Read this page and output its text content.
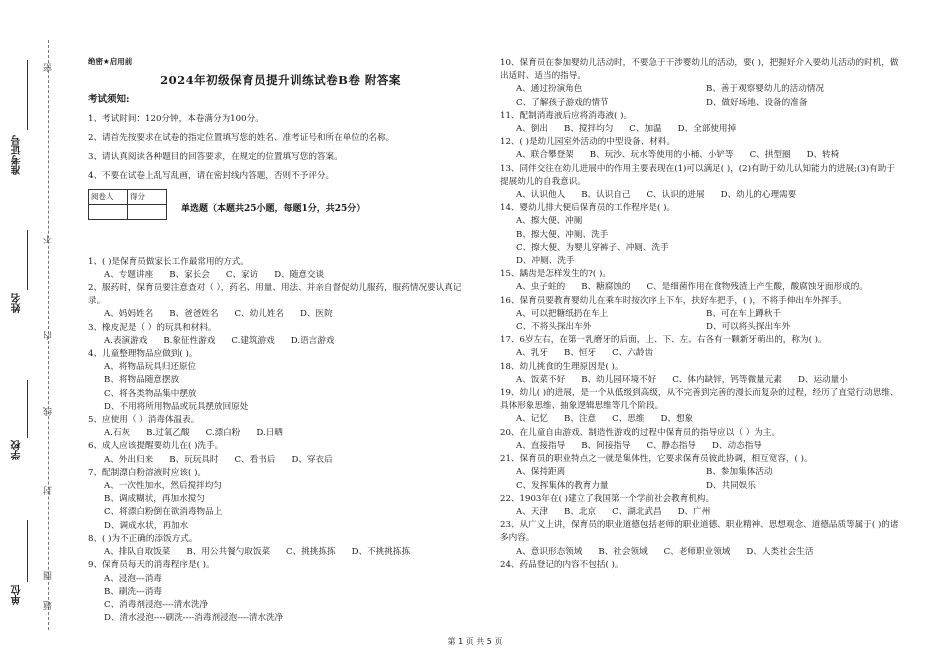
密
不
内
线
封
圈
题
准考证号
姓名
学校
单位
绝密★启用前
2024年初级保育员提升训练试卷B卷 附答案
考试须知:
1、考试时间：120分钟，本卷满分为100分。
2、请首先按要求在试卷的指定位置填写您的姓名、准考证号和所在单位的名称。
3、请认真阅读各种题目的回答要求，在规定的位置填写您的答案。
4、不要在试卷上乱写乱画，请在密封线内答题，否则不予评分。
阅卷人	得分

单选题（本题共25小题，每题1分，共25分）
1、( )是保育员做家长工作最常用的方式。
A、专题讲座 B、家长会 C、家访 D、随意交谈
2、服药时，保育员要注意查对（ ），药名、用量、用法、并亲自督促幼儿服药，服药情况要认真记录。
A、妈妈姓名 B、爸爸姓名 C、幼儿姓名 D、医院
3、橡皮泥是（ ）的玩具和材料。
A.表演游戏 B.象征性游戏 C.建筑游戏 D.语言游戏
4、儿童整理物品应做到( )。
A、将物品玩具归还原位
B、将物品随意摆放
C、将各类物品集中摆放
D、不用将所用物品或玩具摆放回原处
5、应使用（ ）消毒体温表。
A.石灰 B.过氧乙酸 C.漂白粉 D.日晒
6、成人应该提醒要幼儿在( )洗手。
A、外出归来 B、玩玩具时 C、看书后 D、穿衣后
7、配制漂白粉溶液时应该( )。
A、一次性加水，然后搅拌均匀
B、调成糊状，再加水搅匀
C、将漂白粉倒在欲消毒物品上
D、调成水状，再加水
8、( )为不正确的添饭方式。
A、排队自取饭菜 B、用公共餐勺取饭菜 C、挑挑拣拣 D、不挑挑拣拣
9、保育员每天的消毒程序是( )。
A、浸泡---消毒
B、刷洗---消毒
C、消毒剂浸泡----清水洗净
D、清水浸泡----刷洗----消毒剂浸泡----清水洗净
10、保育员在参加婴幼儿活动时，不要急于干涉婴幼儿的活动，要( )，把握好介入要幼儿活动的时机，做出适时、适当的指导。
A、通过扮演角色	B、善于观察婴幼儿的活动情况
C、了解孩子游戏的情节	D、做好场地、设备的准备
11、配制消毒液后应将消毒液( )。
A、倒出 B、搅拌均匀 C、加温 D、全部使用掉
12、( )是幼儿园室外活动的中型设备、材料。
A、联合攀登架 B、玩沙、玩水等使用的小桶、小铲等 C、拱型圈 D、转椅
13、同伴交往在幼儿进展中的作用主要表现在(1)可以满足( )，(2)有助于幼儿认知能力的进展;(3)有助于提展幼儿的自我意识。
A、认识他人 B、认识自己 C、认识的进展 D、幼儿的心理需要
14、婴幼儿排大便后保育员的工作程序是( )。
A、擦大便、冲厕
B、擦大便、冲厕、洗手
C、擦大便、为婴儿穿裤子、冲厕、洗手
D、冲厕、洗手
15、龋齿是怎样发生的?( )。
A、虫子蛀的 B、糖腐蚀的 C、是细菌作用在食物残渣上产生酸，酸腐蚀牙面形成的。
16、保育员要教育婴幼儿在乘车时按次序上下车，扶好车把手，( )，不将手伸出车外挥手。
A、可以把糖纸扔在车上	B、可在车上蹲秋千
C、不将头探出车外	D、可以将头探出车外
17、6岁左右，在第一乳磨牙的后面，上、下、左、右各有一颗新牙萌出的，称为( )。
A、乳牙 B、恒牙 C、六龄齿
18、幼儿挑食的生理原因是( )。
A、饭菜不好 B、幼儿园环境不好 C、体内缺锌，钙等微量元素 D、运动量小
19、幼儿( )的进展，是一个从低级到高级，从不完善到完善的漫长而复杂的过程，经历了直觉行动思维、具体形象思维、抽象逻辑思维等几个阶段。
A、记忆 B、注意 C、思维 D、想象
20、在儿童自由游戏、制造性游戏的过程中保育员的指导应以（ ）为主。
A、直接指导 B、间接指导 C、静态指导 D、动态指导
21、保育员的职业特点之一就是集体性，它要求保育员彼此协调，相互宽容，( )。
A、保持距离	B、参加集体活动
C、发挥集体的教育力量	D、共同娱乐
22、1903年在( )建立了我国第一个学前社会教育机构。
A、天津 B、北京 C、湖北武昌 D、广州
23、从广义上讲，保育员的职业道德包括老师的职业道德、职业精神、思想观念、道德品质等属于( )的诸多内容。
A、意识形态领域 B、社会领域 C、老师职业领域 D、人类社会生活
24、药品登记的内容不包括( )。
第 1 页 共 5 页
